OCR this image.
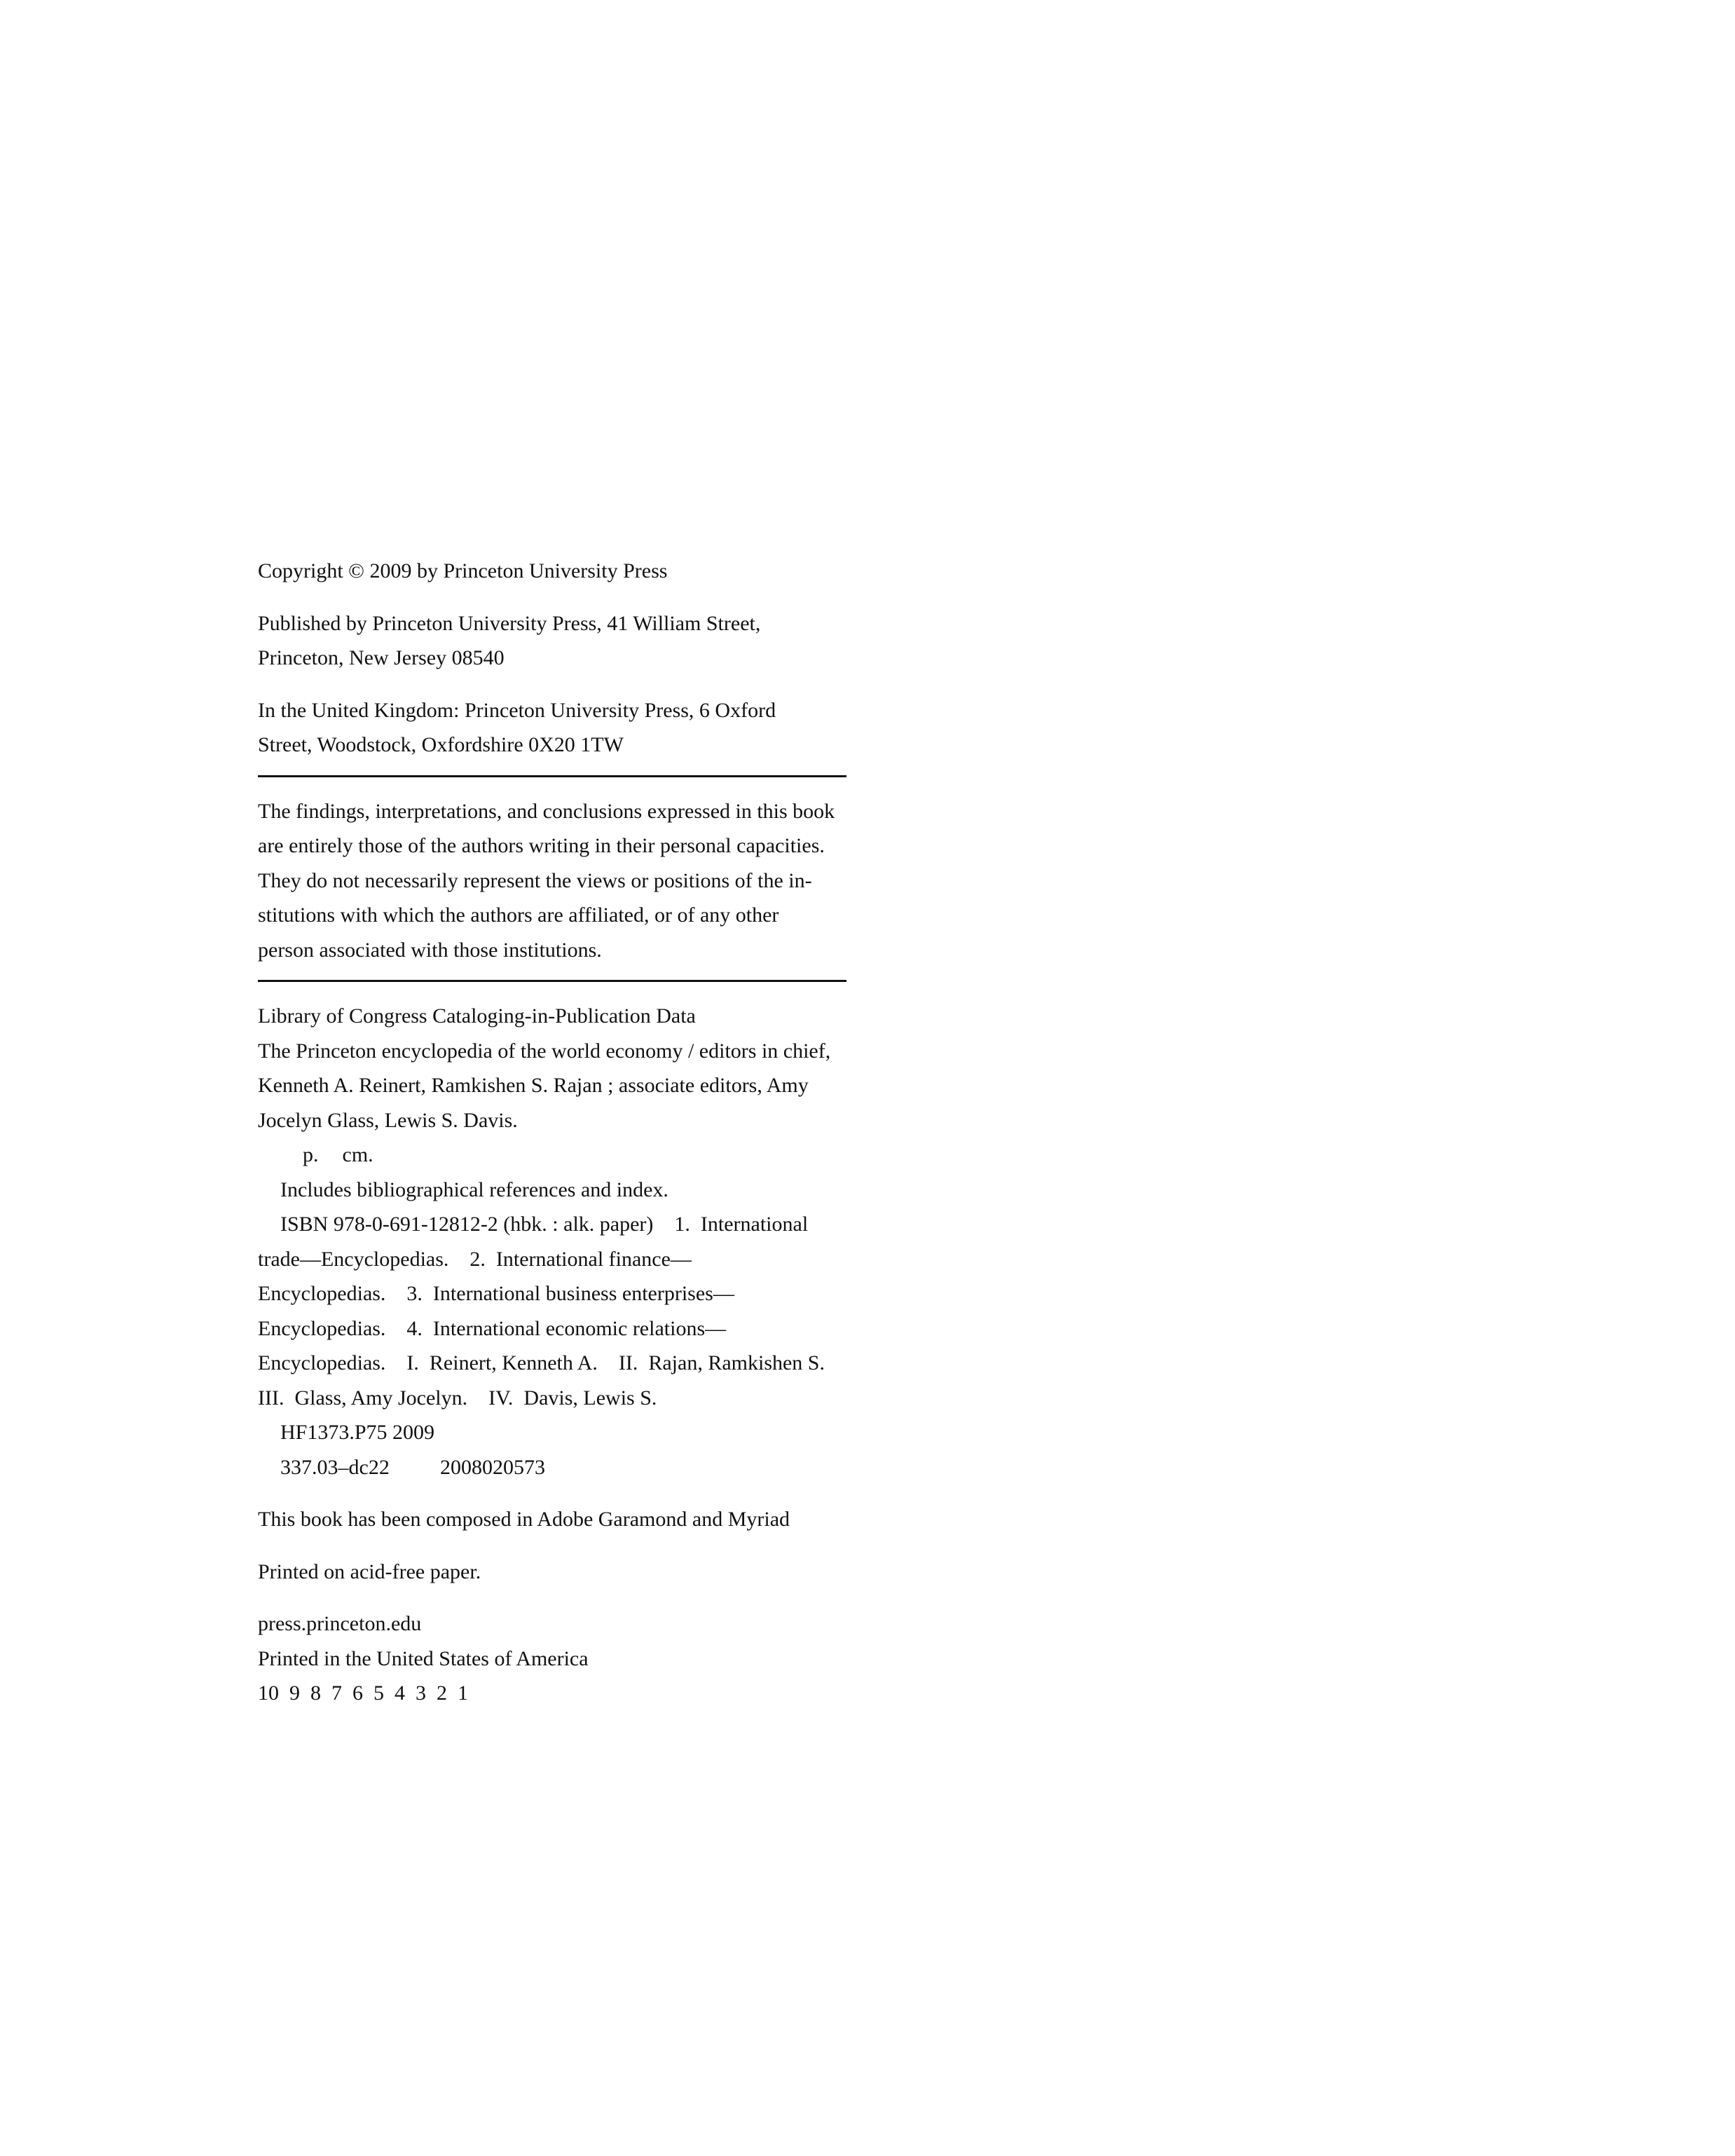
Copyright © 2009 by Princeton University Press

Published by Princeton University Press, 41 William Street,
Princeton, New Jersey 08540

In the United Kingdom: Princeton University Press, 6 Oxford
Street, Woodstock, Oxfordshire 0X20 1TW

The findings, interpretations, and conclusions expressed in this book
are entirely those of the authors writing in their personal capacities.
They do not necessarily represent the views or positions of the in-
stitutions with which the authors are affiliated, or of any other
person associated with those institutions.

Library of Congress Cataloging-in-Publication Data
The Princeton encyclopedia of the world economy / editors in chief,
Kenneth A. Reinert, Ramkishen S. Rajan ; associate editors, Amy
Jocelyn Glass, Lewis S. Davis.
p. cm.
Includes bibliographical references and index.
ISBN 978-0-691-12812-2 (hbk. : alk. paper)    1.  International
trade—Encyclopedias.    2.  International finance—
Encyclopedias.    3.  International business enterprises—
Encyclopedias.    4.  International economic relations—
Encyclopedias.    I.  Reinert, Kenneth A.    II.  Rajan, Ramkishen S.
III.  Glass, Amy Jocelyn.    IV.  Davis, Lewis S.
HF1373.P75 2009
337.03–dc22 2008020573

This book has been composed in Adobe Garamond and Myriad

Printed on acid-free paper.

press.princeton.edu
Printed in the United States of America
10  9  8  7  6  5  4  3  2  1
